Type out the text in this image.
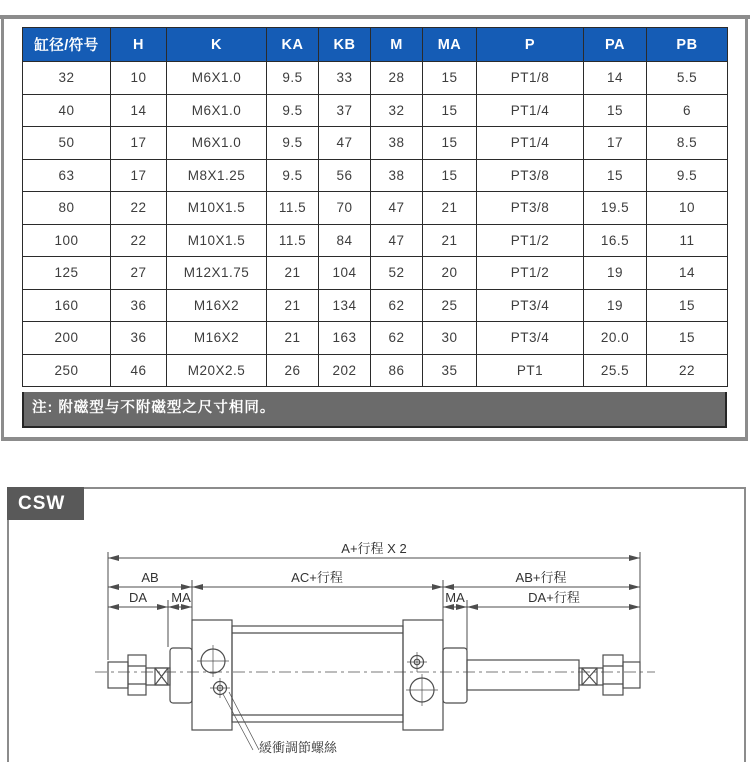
缸径/符号	H	K	KA	KB	M	MA	P	PA	PB
32	10	M6X1.0	9.5	33	28	15	PT1/8	14	5.5
40	14	M6X1.0	9.5	37	32	15	PT1/4	15	6
50	17	M6X1.0	9.5	47	38	15	PT1/4	17	8.5
63	17	M8X1.25	9.5	56	38	15	PT3/8	15	9.5
80	22	M10X1.5	11.5	70	47	21	PT3/8	19.5	10
100	22	M10X1.5	11.5	84	47	21	PT1/2	16.5	11
125	27	M12X1.75	21	104	52	20	PT1/2	19	14
160	36	M16X2	21	134	62	25	PT3/4	19	15
200	36	M16X2	21	163	62	30	PT3/4	20.0	15
250	46	M20X2.5	26	202	86	35	PT1	25.5	22
注: 附磁型与不附磁型之尺寸相同。
A+行程 X 2
AB	AC+行程	AB+行程
DA MA	MA	DA+行程
緩衝調節螺絲
CSW
